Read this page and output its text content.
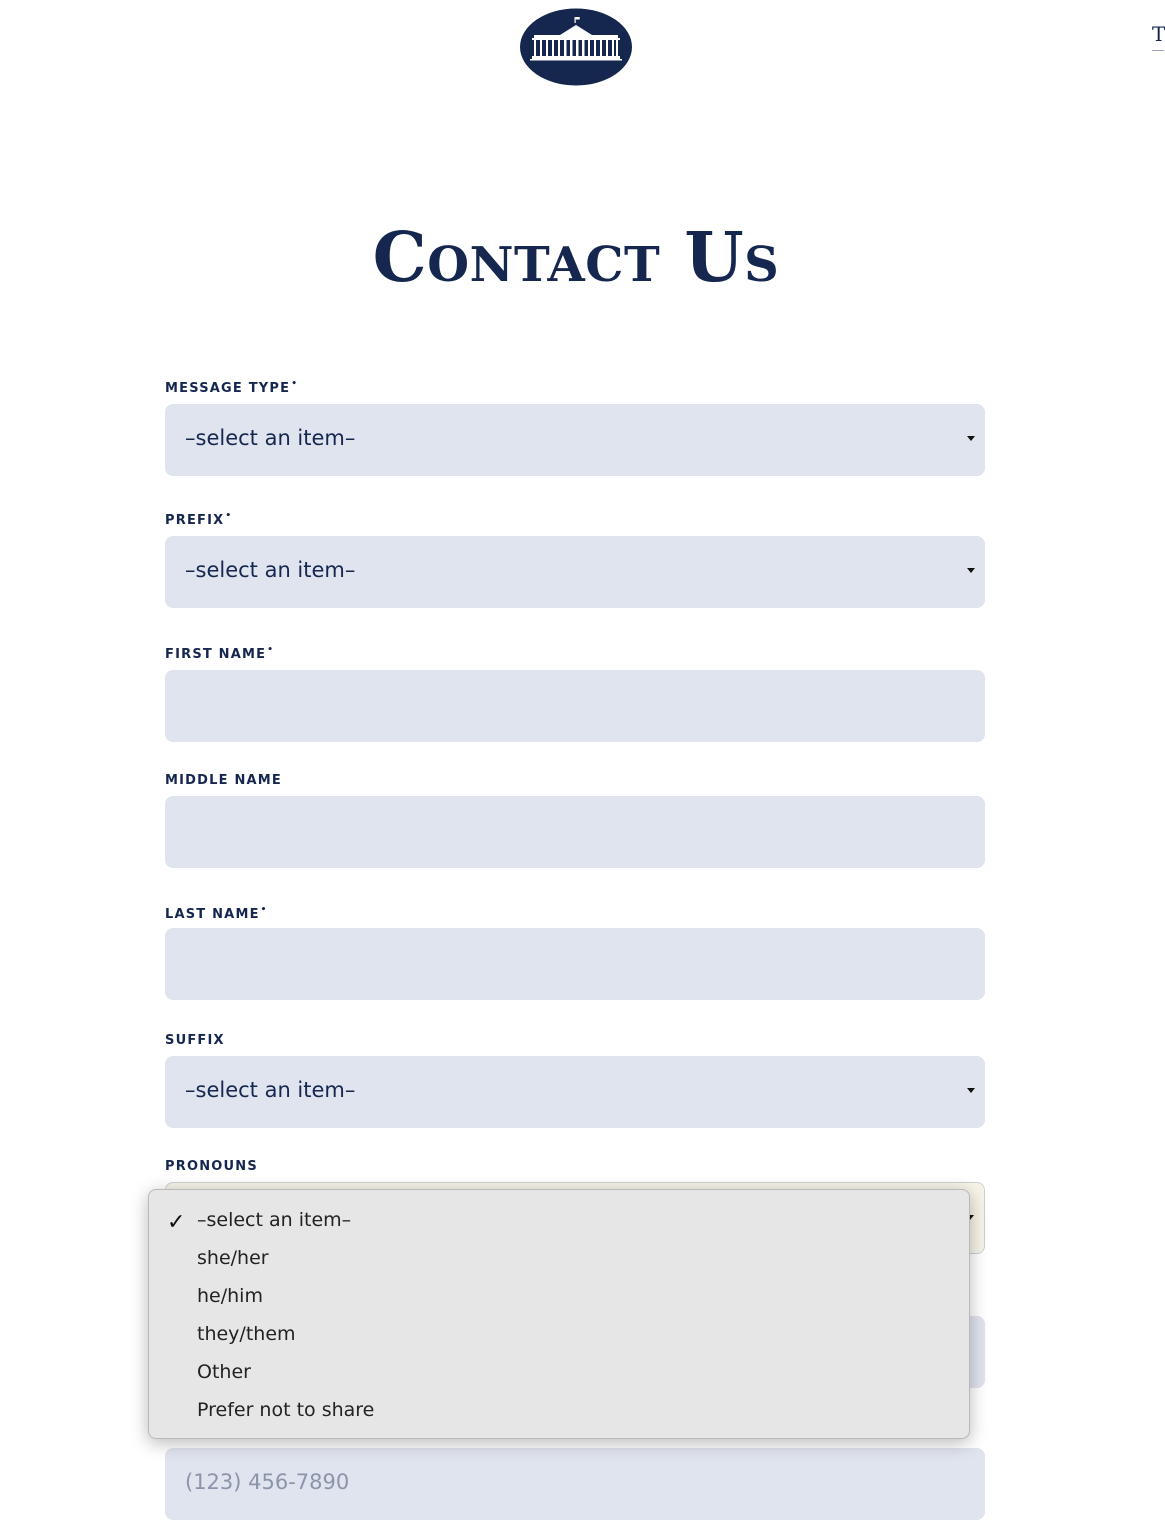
T
Contact Us
MESSAGE TYPE•
–select an item–
PREFIX•
–select an item–
FIRST NAME•
MIDDLE NAME
LAST NAME•
SUFFIX
–select an item–
PRONOUNS
(123) 456-7890
✓ –select an item–
she/her
he/him
they/them
Other
Prefer not to share
